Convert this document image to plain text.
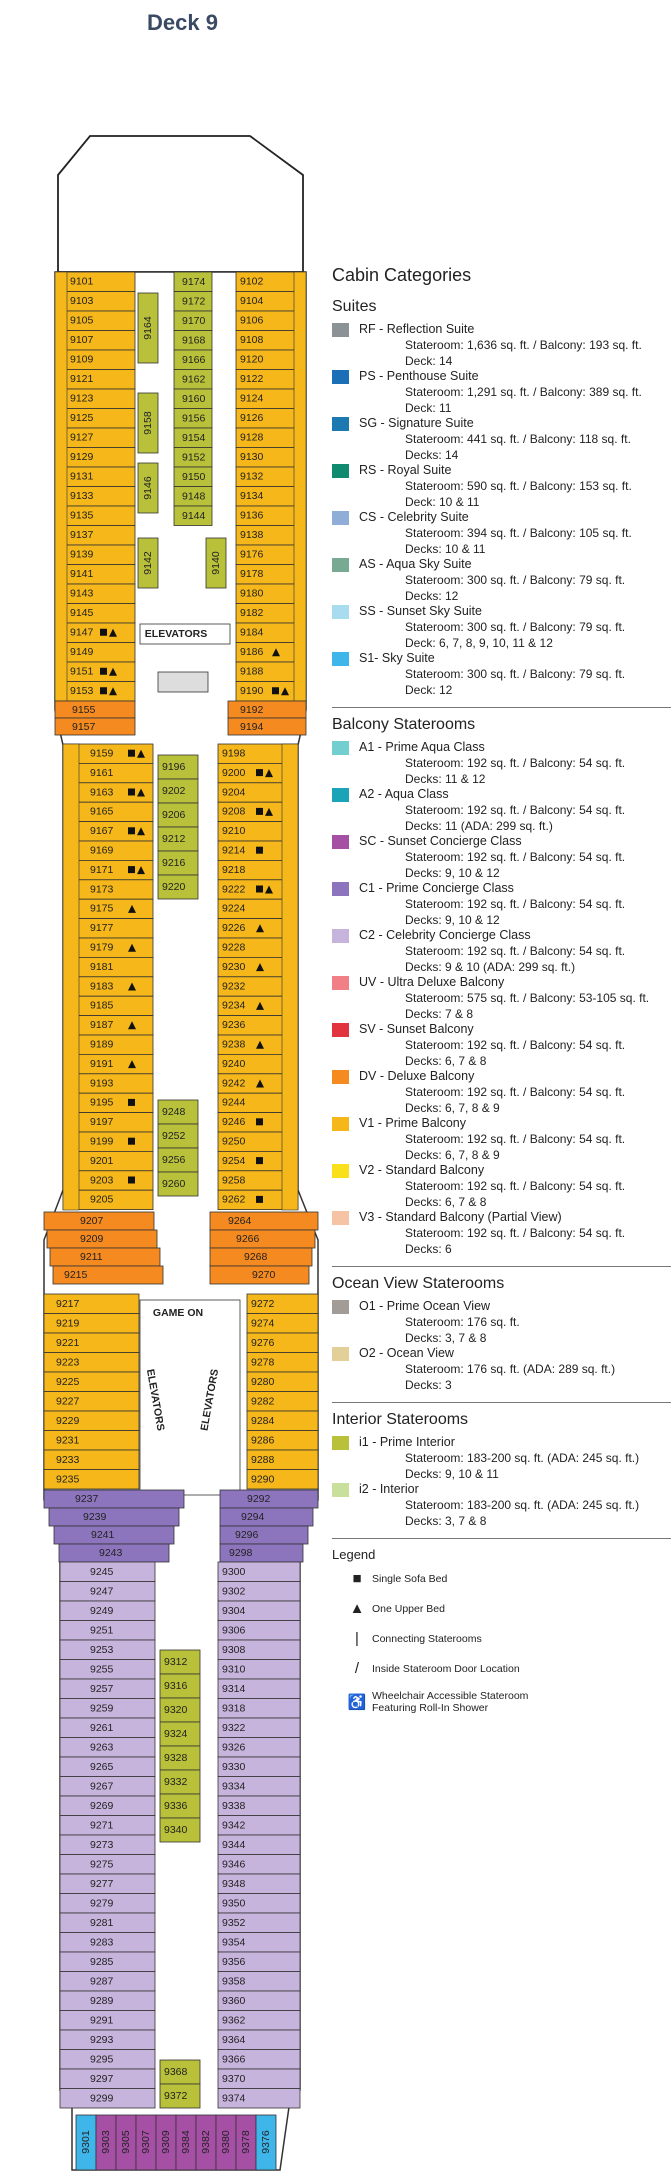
Deck 9
9101
9103
9105
9107
9109
9121
9123
9125
9127
9129
9131
9133
9135
9137
9139
9141
9143
9145
9147
9149
9151
9153
9102
9104
9106
9108
9120
9122
9124
9126
9128
9130
9132
9134
9136
9138
9176
9178
9180
9182
9184
9186
9188
9190
9174
9172
9170
9168
9166
9162
9160
9156
9154
9152
9150
9148
9144
9164
9158
9146
9142	9140
ELEVATORS
9155
9157
9192
9194
9159
9161
9163
9165
9167
9169
9171
9173
9175
9177
9179
9181
9183
9185
9187
9189
9191
9193
9195
9197
9199
9201
9203
9205
9198
9200
9204
9208
9210
9214
9218
9222
9224
9226
9228
9230
9232
9234
9236
9238
9240
9242
9244
9246
9250
9254
9258
9262
9196
9202
9206
9212
9216
9220
9248
9252
9256
9260
9207
9209
9211
9215
9264
9266
9268
9270
9217
9219
9221
9223
9225
9227
9229
9231
9233
9235
9272
9274
9276
9278
9280
9282
9284
9286
9288
9290
GAME ON
ELEVATORS	ELEVATORS
9237
9239
9241
9243
9292
9294
9296
9298
9245
9247
9249
9251
9253
9255
9257
9259
9261
9263
9265
9267
9269
9271
9273
9275
9277
9279
9281
9283
9285
9287
9289
9291
9293
9295
9297
9299
9300
9302
9304
9306
9308
9310
9314
9318
9322
9326
9330
9334
9338
9342
9344
9346
9348
9350
9352
9354
9356
9358
9360
9362
9364
9366
9370
9374
9312
9316
9320
9324
9328
9332
9336
9340
9368
9372
9301 9303 9305 9307 9309 9384 9382 9380 9378 9376
Cabin Categories
Suites
RF - Reflection Suite
Stateroom: 1,636 sq. ft. / Balcony: 193 sq. ft.
Deck: 14
PS - Penthouse Suite
Stateroom: 1,291 sq. ft. / Balcony: 389 sq. ft.
Deck: 11
SG - Signature Suite
Stateroom: 441 sq. ft. / Balcony: 118 sq. ft.
Decks: 14
RS - Royal Suite
Stateroom: 590 sq. ft. / Balcony: 153 sq. ft.
Deck: 10 & 11
CS - Celebrity Suite
Stateroom: 394 sq. ft. / Balcony: 105 sq. ft.
Decks: 10 & 11
AS - Aqua Sky Suite
Stateroom: 300 sq. ft. / Balcony: 79 sq. ft.
Decks: 12
SS - Sunset Sky Suite
Stateroom: 300 sq. ft. / Balcony: 79 sq. ft.
Deck: 6, 7, 8, 9, 10, 11 & 12
S1- Sky Suite
Stateroom: 300 sq. ft. / Balcony: 79 sq. ft.
Deck: 12
Balcony Staterooms
A1 - Prime Aqua Class
Stateroom: 192 sq. ft. / Balcony: 54 sq. ft.
Decks: 11 & 12
A2 - Aqua Class
Stateroom: 192 sq. ft. / Balcony: 54 sq. ft.
Decks: 11 (ADA: 299 sq. ft.)
SC - Sunset Concierge Class
Stateroom: 192 sq. ft. / Balcony: 54 sq. ft.
Decks: 9, 10 & 12
C1 - Prime Concierge Class
Stateroom: 192 sq. ft. / Balcony: 54 sq. ft.
Decks: 9, 10 & 12
C2 - Celebrity Concierge Class
Stateroom: 192 sq. ft. / Balcony: 54 sq. ft.
Decks: 9 & 10 (ADA: 299 sq. ft.)
UV - Ultra Deluxe Balcony
Stateroom: 575 sq. ft. / Balcony: 53-105 sq. ft.
Decks: 7 & 8
SV - Sunset Balcony
Stateroom: 192 sq. ft. / Balcony: 54 sq. ft.
Decks: 6, 7 & 8
DV - Deluxe Balcony
Stateroom: 192 sq. ft. / Balcony: 54 sq. ft.
Decks: 6, 7, 8 & 9
V1 - Prime Balcony
Stateroom: 192 sq. ft. / Balcony: 54 sq. ft.
Decks: 6, 7, 8 & 9
V2 - Standard Balcony
Stateroom: 192 sq. ft. / Balcony: 54 sq. ft.
Decks: 6, 7 & 8
V3 - Standard Balcony (Partial View)
Stateroom: 192 sq. ft. / Balcony: 54 sq. ft.
Decks: 6
Ocean View Staterooms
O1 - Prime Ocean View
Stateroom: 176 sq. ft.
Decks: 3, 7 & 8
O2 - Ocean View
Stateroom: 176 sq. ft. (ADA: 289 sq. ft.)
Decks: 3
Interior Staterooms
i1 - Prime Interior
Stateroom: 183-200 sq. ft. (ADA: 245 sq. ft.)
Decks: 9, 10 & 11
i2 - Interior
Stateroom: 183-200 sq. ft. (ADA: 245 sq. ft.)
Decks: 3, 7 & 8
Legend
■ Single Sofa Bed
▲ One Upper Bed
|	Connecting Staterooms
/	Inside Stateroom Door Location
♿ Wheelchair Accessible Stateroom
Featuring Roll-In Shower
